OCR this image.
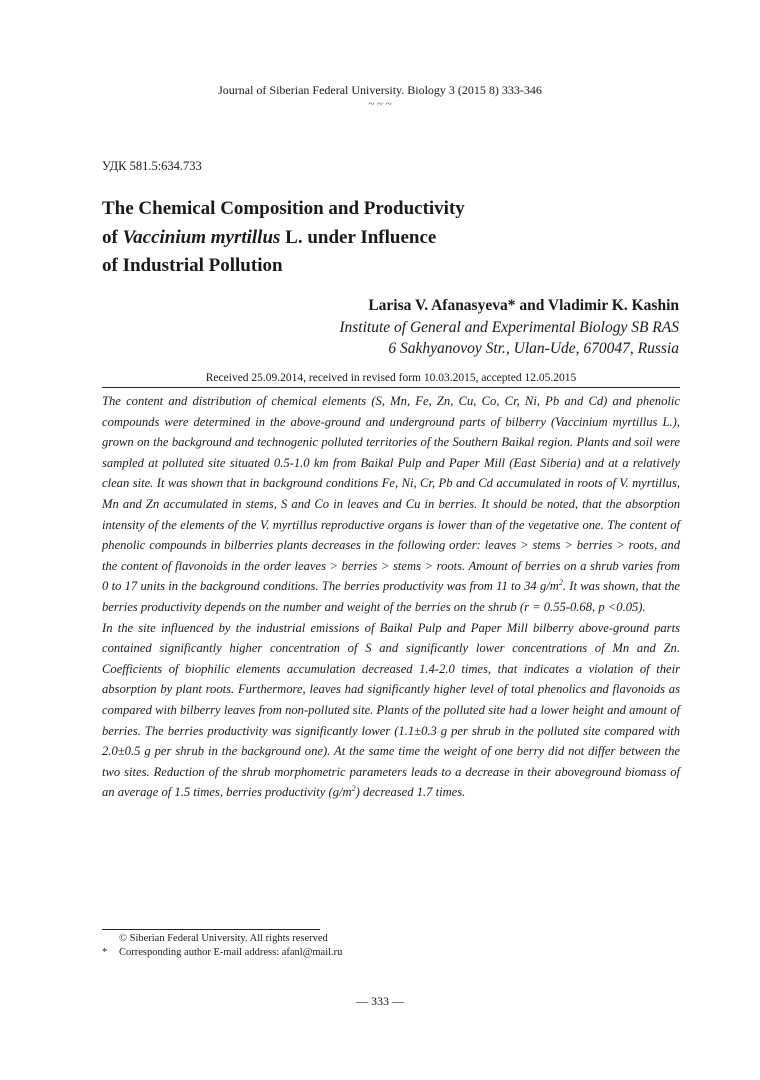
Journal of Siberian Federal University. Biology 3 (2015 8) 333-346
~ ~ ~
УДК 581.5:634.733
The Chemical Composition and Productivity
of Vaccinium myrtillus L. under Influence
of Industrial Pollution
Larisa V. Afanasyeva* and Vladimir K. Kashin
Institute of General and Experimental Biology SB RAS
6 Sakhyanovoy Str., Ulan-Ude, 670047, Russia
Received 25.09.2014, received in revised form 10.03.2015, accepted 12.05.2015

The content and distribution of chemical elements (S, Mn, Fe, Zn, Cu, Co, Cr, Ni, Pb and Cd) and phenolic compounds were determined in the above-ground and underground parts of bilberry (Vaccinium myrtillus L.), grown on the background and technogenic polluted territories of the Southern Baikal region. Plants and soil were sampled at polluted site situated 0.5-1.0 km from Baikal Pulp and Paper Mill (East Siberia) and at a relatively clean site. It was shown that in background conditions Fe, Ni, Cr, Pb and Cd accumulated in roots of V. myrtillus, Mn and Zn accumulated in stems, S and Co in leaves and Cu in berries. It should be noted, that the absorption intensity of the elements of the V. myrtillus reproductive organs is lower than of the vegetative one. The content of phenolic compounds in bilberries plants decreases in the following order: leaves > stems > berries > roots, and the content of flavonoids in the order leaves > berries > stems > roots. Amount of berries on a shrub varies from 0 to 17 units in the background conditions. The berries productivity was from 11 to 34 $g/m^2$. It was shown, that the berries productivity depends on the number and weight of the berries on the shrub (r = 0.55-0.68, p <0.05).

In the site influenced by the industrial emissions of Baikal Pulp and Paper Mill bilberry above-ground parts contained significantly higher concentration of S and significantly lower concentrations of Mn and Zn. Coefficients of biophilic elements accumulation decreased 1.4-2.0 times, that indicates a violation of their absorption by plant roots. Furthermore, leaves had significantly higher level of total phenolics and flavonoids as compared with bilberry leaves from non-polluted site. Plants of the polluted site had a lower height and amount of berries. The berries productivity was significantly lower (1.1±0.3 g per shrub in the polluted site compared with 2.0±0.5 g per shrub in the background one). At the same time the weight of one berry did not differ between the two sites. Reduction of the shrub morphometric parameters leads to a decrease in their aboveground biomass of an average of 1.5 times, berries productivity $(g/m^2)$ decreased 1.7 times.

© Siberian Federal University. All rights reserved
* Corresponding author E-mail address: afanl@mail.ru
— 333 —
